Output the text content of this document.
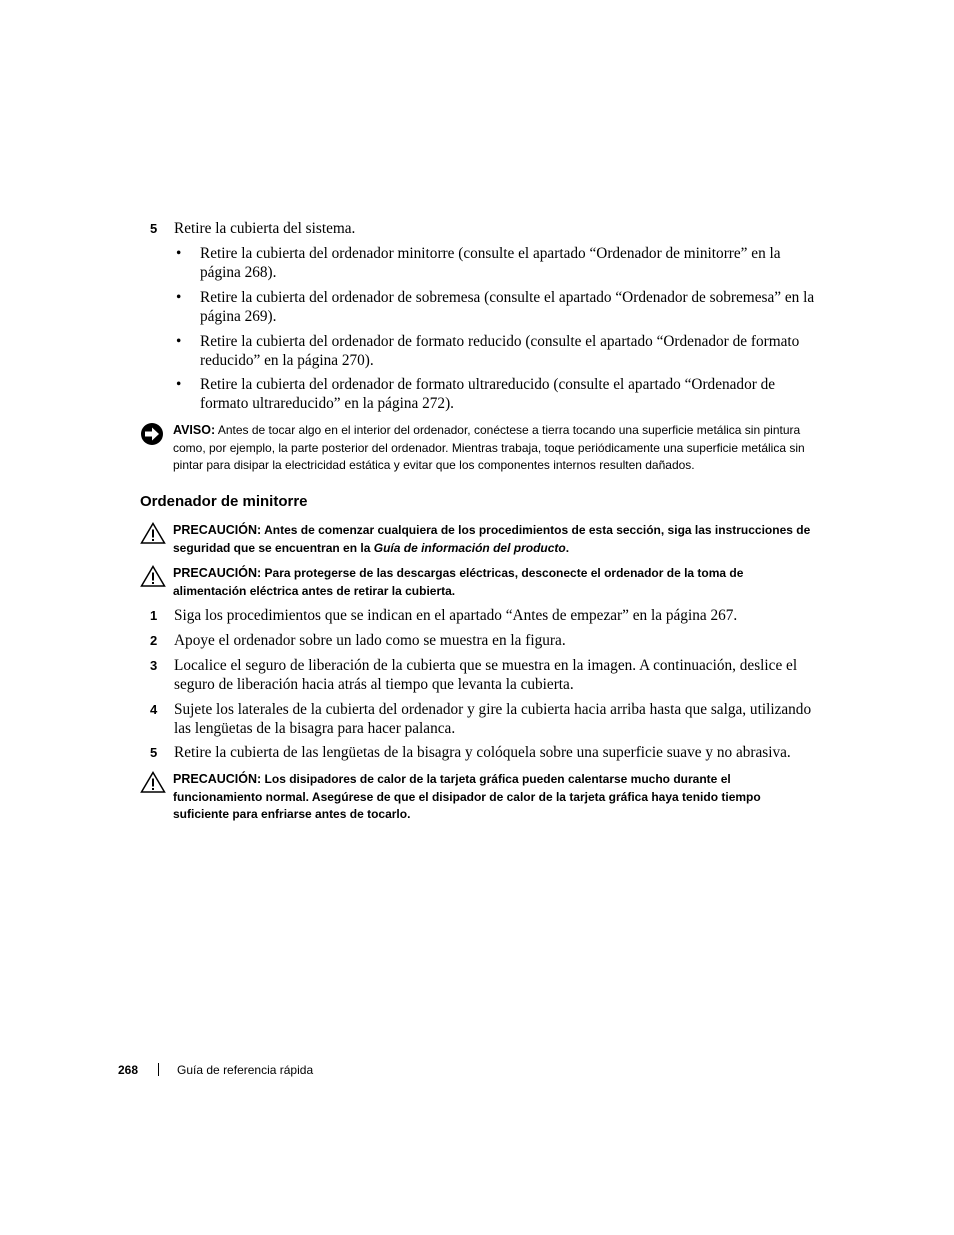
5 Retire la cubierta del sistema.
• Retire la cubierta del ordenador minitorre (consulte el apartado “Ordenador de minitorre” en la página 268).
• Retire la cubierta del ordenador de sobremesa (consulte el apartado “Ordenador de sobremesa” en la página 269).
• Retire la cubierta del ordenador de formato reducido (consulte el apartado “Ordenador de formato reducido” en la página 270).
• Retire la cubierta del ordenador de formato ultrareducido (consulte el apartado “Ordenador de formato ultrareducido” en la página 272).
AVISO: Antes de tocar algo en el interior del ordenador, conéctese a tierra tocando una superficie metálica sin pintura como, por ejemplo, la parte posterior del ordenador. Mientras trabaja, toque periódicamente una superficie metálica sin pintar para disipar la electricidad estática y evitar que los componentes internos resulten dañados.
Ordenador de minitorre
PRECAUCIÓN: Antes de comenzar cualquiera de los procedimientos de esta sección, siga las instrucciones de seguridad que se encuentran en la Guía de información del producto.
PRECAUCIÓN: Para protegerse de las descargas eléctricas, desconecte el ordenador de la toma de alimentación eléctrica antes de retirar la cubierta.
1 Siga los procedimientos que se indican en el apartado “Antes de empezar” en la página 267.
2 Apoye el ordenador sobre un lado como se muestra en la figura.
3 Localice el seguro de liberación de la cubierta que se muestra en la imagen. A continuación, deslice el seguro de liberación hacia atrás al tiempo que levanta la cubierta.
4 Sujete los laterales de la cubierta del ordenador y gire la cubierta hacia arriba hasta que salga, utilizando las lengüetas de la bisagra para hacer palanca.
5 Retire la cubierta de las lengüetas de la bisagra y colóquela sobre una superficie suave y no abrasiva.
PRECAUCIÓN: Los disipadores de calor de la tarjeta gráfica pueden calentarse mucho durante el funcionamiento normal. Asegúrese de que el disipador de calor de la tarjeta gráfica haya tenido tiempo suficiente para enfriarse antes de tocarlo.
268	Guía de referencia rápida
